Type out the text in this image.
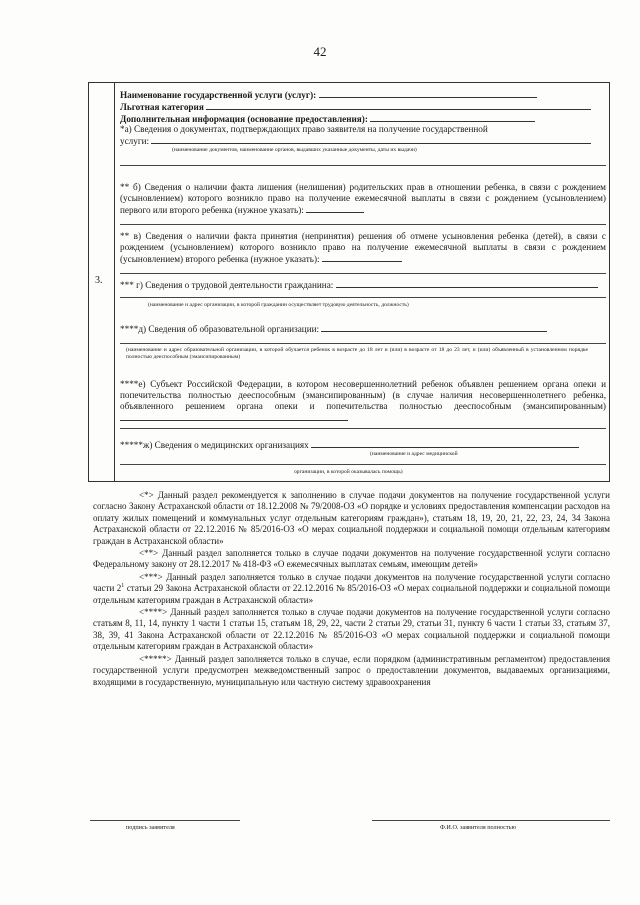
42
3.
Наименование государственной услуги (услуг):
Льготная категория
Дополнительная информация (основание предоставления):
*а) Сведения о документах, подтверждающих право заявителя на получение государственной
услуги:
(наименование документов, наименование органов, выдавших указанные документы, даты их выдачи)
** б) Сведения о наличии факта лишения (нелишения) родительских прав в отношении ребенка, в связи с рождением (усыновлением) которого возникло право на получение ежемесячной выплаты в связи с рождением (усыновлением) первого или второго ребенка (нужное указать):
** в) Сведения о наличии факта принятия (непринятия) решения об отмене усыновления ребенка (детей), в связи с рождением (усыновлением) которого возникло право на получение ежемесячной выплаты в связи с рождением (усыновлением) второго ребенка (нужное указать):
*** г) Сведения о трудовой деятельности гражданина:
(наименование и адрес организации, в которой гражданин осуществляет трудовую деятельность, должность)
****д) Сведения об образовательной организации:
(наименование и адрес образовательной организации, в которой обучается ребенок в возрасте до 18 лет и (или) в возрасте от 18 до 23 лет, и (или) объявленный в установленном порядке полностью дееспособным (эмансипированным)
****е) Субъект Российской Федерации, в котором несовершеннолетний ребенок объявлен решением органа опеки и попечительства полностью дееспособным (эмансипированным) (в случае наличия несовершеннолетнего ребенка, объявленного решением органа опеки и попечительства полностью дееспособным (эмансипированным)
*****ж) Сведения о медицинских организациях
(наименование и адрес медицинской
организации, в которой оказывалась помощь)

<*> Данный раздел рекомендуется к заполнению в случае подачи документов на получение государственной услуги согласно Закону Астраханской области от 18.12.2008 № 79/2008-ОЗ «О порядке и условиях предоставления компенсации расходов на оплату жилых помещений и коммунальных услуг отдельным категориям граждан»), статьям 18, 19, 20, 21, 22, 23, 24, 34 Закона Астраханской области от 22.12.2016 № 85/2016-ОЗ «О мерах социальной поддержки и социальной помощи отдельным категориям граждан в Астраханской области»

<**> Данный раздел заполняется только в случае подачи документов на получение государственной услуги согласно Федеральному закону от 28.12.2017 № 418-ФЗ «О ежемесячных выплатах семьям, имеющим детей»

<***> Данный раздел заполняется только в случае подачи документов на получение государственной услуги согласно части $2^1$ статьи 29 Закона Астраханской области от 22.12.2016 № 85/2016-ОЗ «О мерах социальной поддержки и социальной помощи отдельным категориям граждан в Астраханской области»

<****> Данный раздел заполняется только в случае подачи документов на получение государственной услуги согласно статьям 8, 11, 14, пункту 1 части 1 статьи 15, статьям 18, 29, 22, части 2 статьи 29, статьи 31, пункту 6 части 1 статьи 33, статьям 37, 38, 39, 41 Закона Астраханской области от 22.12.2016 № 85/2016-ОЗ «О мерах социальной поддержки и социальной помощи отдельным категориям граждан в Астраханской области»

<*****> Данный раздел заполняется только в случае, если порядком (административным регламентом) предоставления государственной услуги предусмотрен межведомственный запрос о предоставлении документов, выдаваемых организациями, входящими в государственную, муниципальную или частную систему здравоохранения

подпись заявителя	Ф.И.О. заявителя полностью
